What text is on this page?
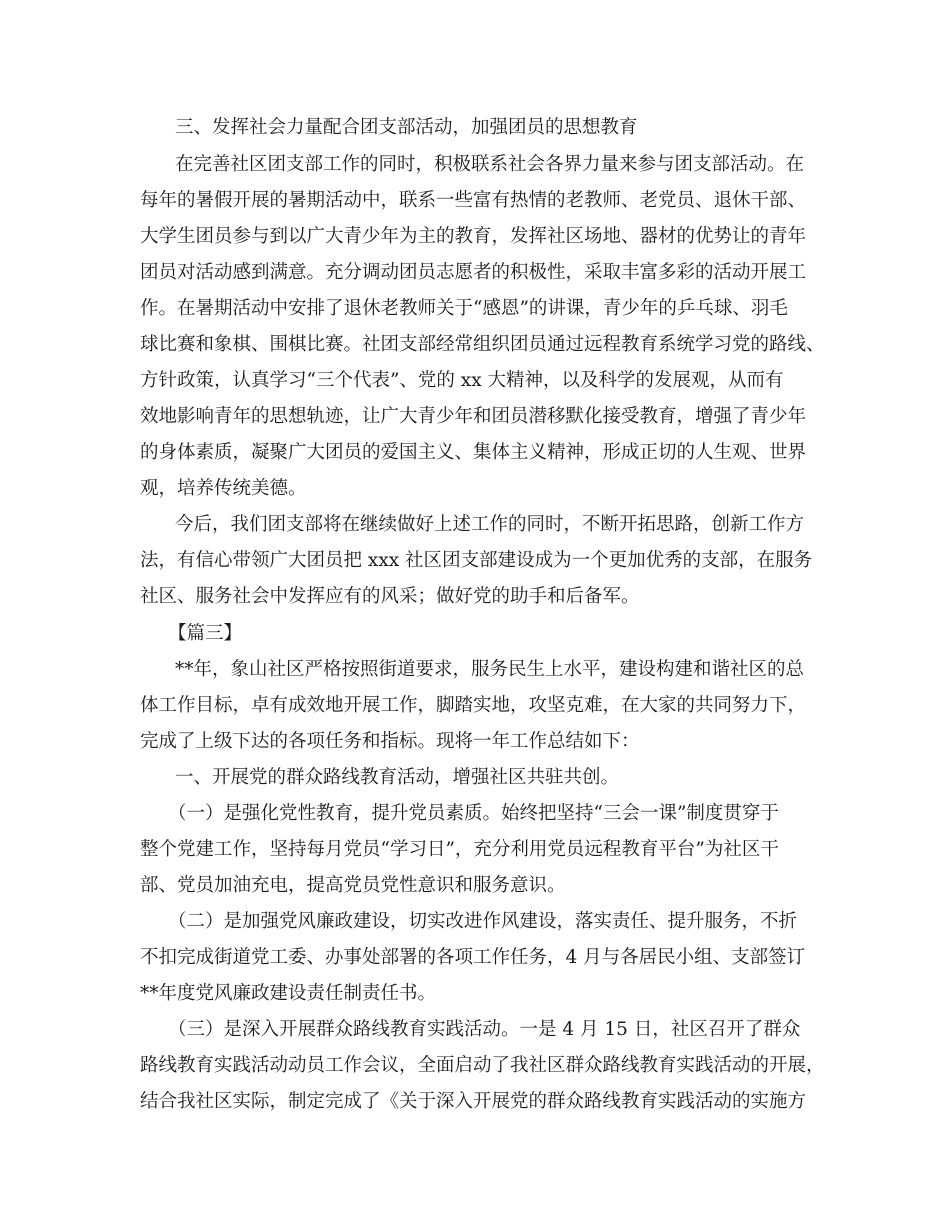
三、发挥社会力量配合团支部活动，加强团员的思想教育
在完善社区团支部工作的同时，积极联系社会各界力量来参与团支部活动。在
每年的暑假开展的暑期活动中，联系一些富有热情的老教师、老党员、退休干部、
大学生团员参与到以广大青少年为主的教育，发挥社区场地、器材的优势让的青年
团员对活动感到满意。充分调动团员志愿者的积极性，采取丰富多彩的活动开展工
作。在暑期活动中安排了退休老教师关于“感恩”的讲课，青少年的乒乓球、羽毛
球比赛和象棋、围棋比赛。社团支部经常组织团员通过远程教育系统学习党的路线、
方针政策，认真学习“三个代表”、党的 xx 大精神，以及科学的发展观，从而有
效地影响青年的思想轨迹，让广大青少年和团员潜移默化接受教育，增强了青少年
的身体素质，凝聚广大团员的爱国主义、集体主义精神，形成正切的人生观、世界
观，培养传统美德。
今后，我们团支部将在继续做好上述工作的同时，不断开拓思路，创新工作方
法，有信心带领广大团员把 xxx 社区团支部建设成为一个更加优秀的支部，在服务
社区、服务社会中发挥应有的风采；做好党的助手和后备军。
【篇三】
**年，象山社区严格按照街道要求，服务民生上水平，建设构建和谐社区的总
体工作目标，卓有成效地开展工作，脚踏实地，攻坚克难，在大家的共同努力下，
完成了上级下达的各项任务和指标。现将一年工作总结如下：
一、开展党的群众路线教育活动，增强社区共驻共创。
（一）是强化党性教育，提升党员素质。始终把坚持“三会一课”制度贯穿于
整个党建工作，坚持每月党员“学习日”，充分利用党员远程教育平台”为社区干
部、党员加油充电，提高党员党性意识和服务意识。
（二）是加强党风廉政建设，切实改进作风建设，落实责任、提升服务，不折
不扣完成街道党工委、办事处部署的各项工作任务，4 月与各居民小组、支部签订
**年度党风廉政建设责任制责任书。
（三）是深入开展群众路线教育实践活动。一是 4 月 15 日，社区召开了群众
路线教育实践活动动员工作会议，全面启动了我社区群众路线教育实践活动的开展，
结合我社区实际，制定完成了《关于深入开展党的群众路线教育实践活动的实施方
